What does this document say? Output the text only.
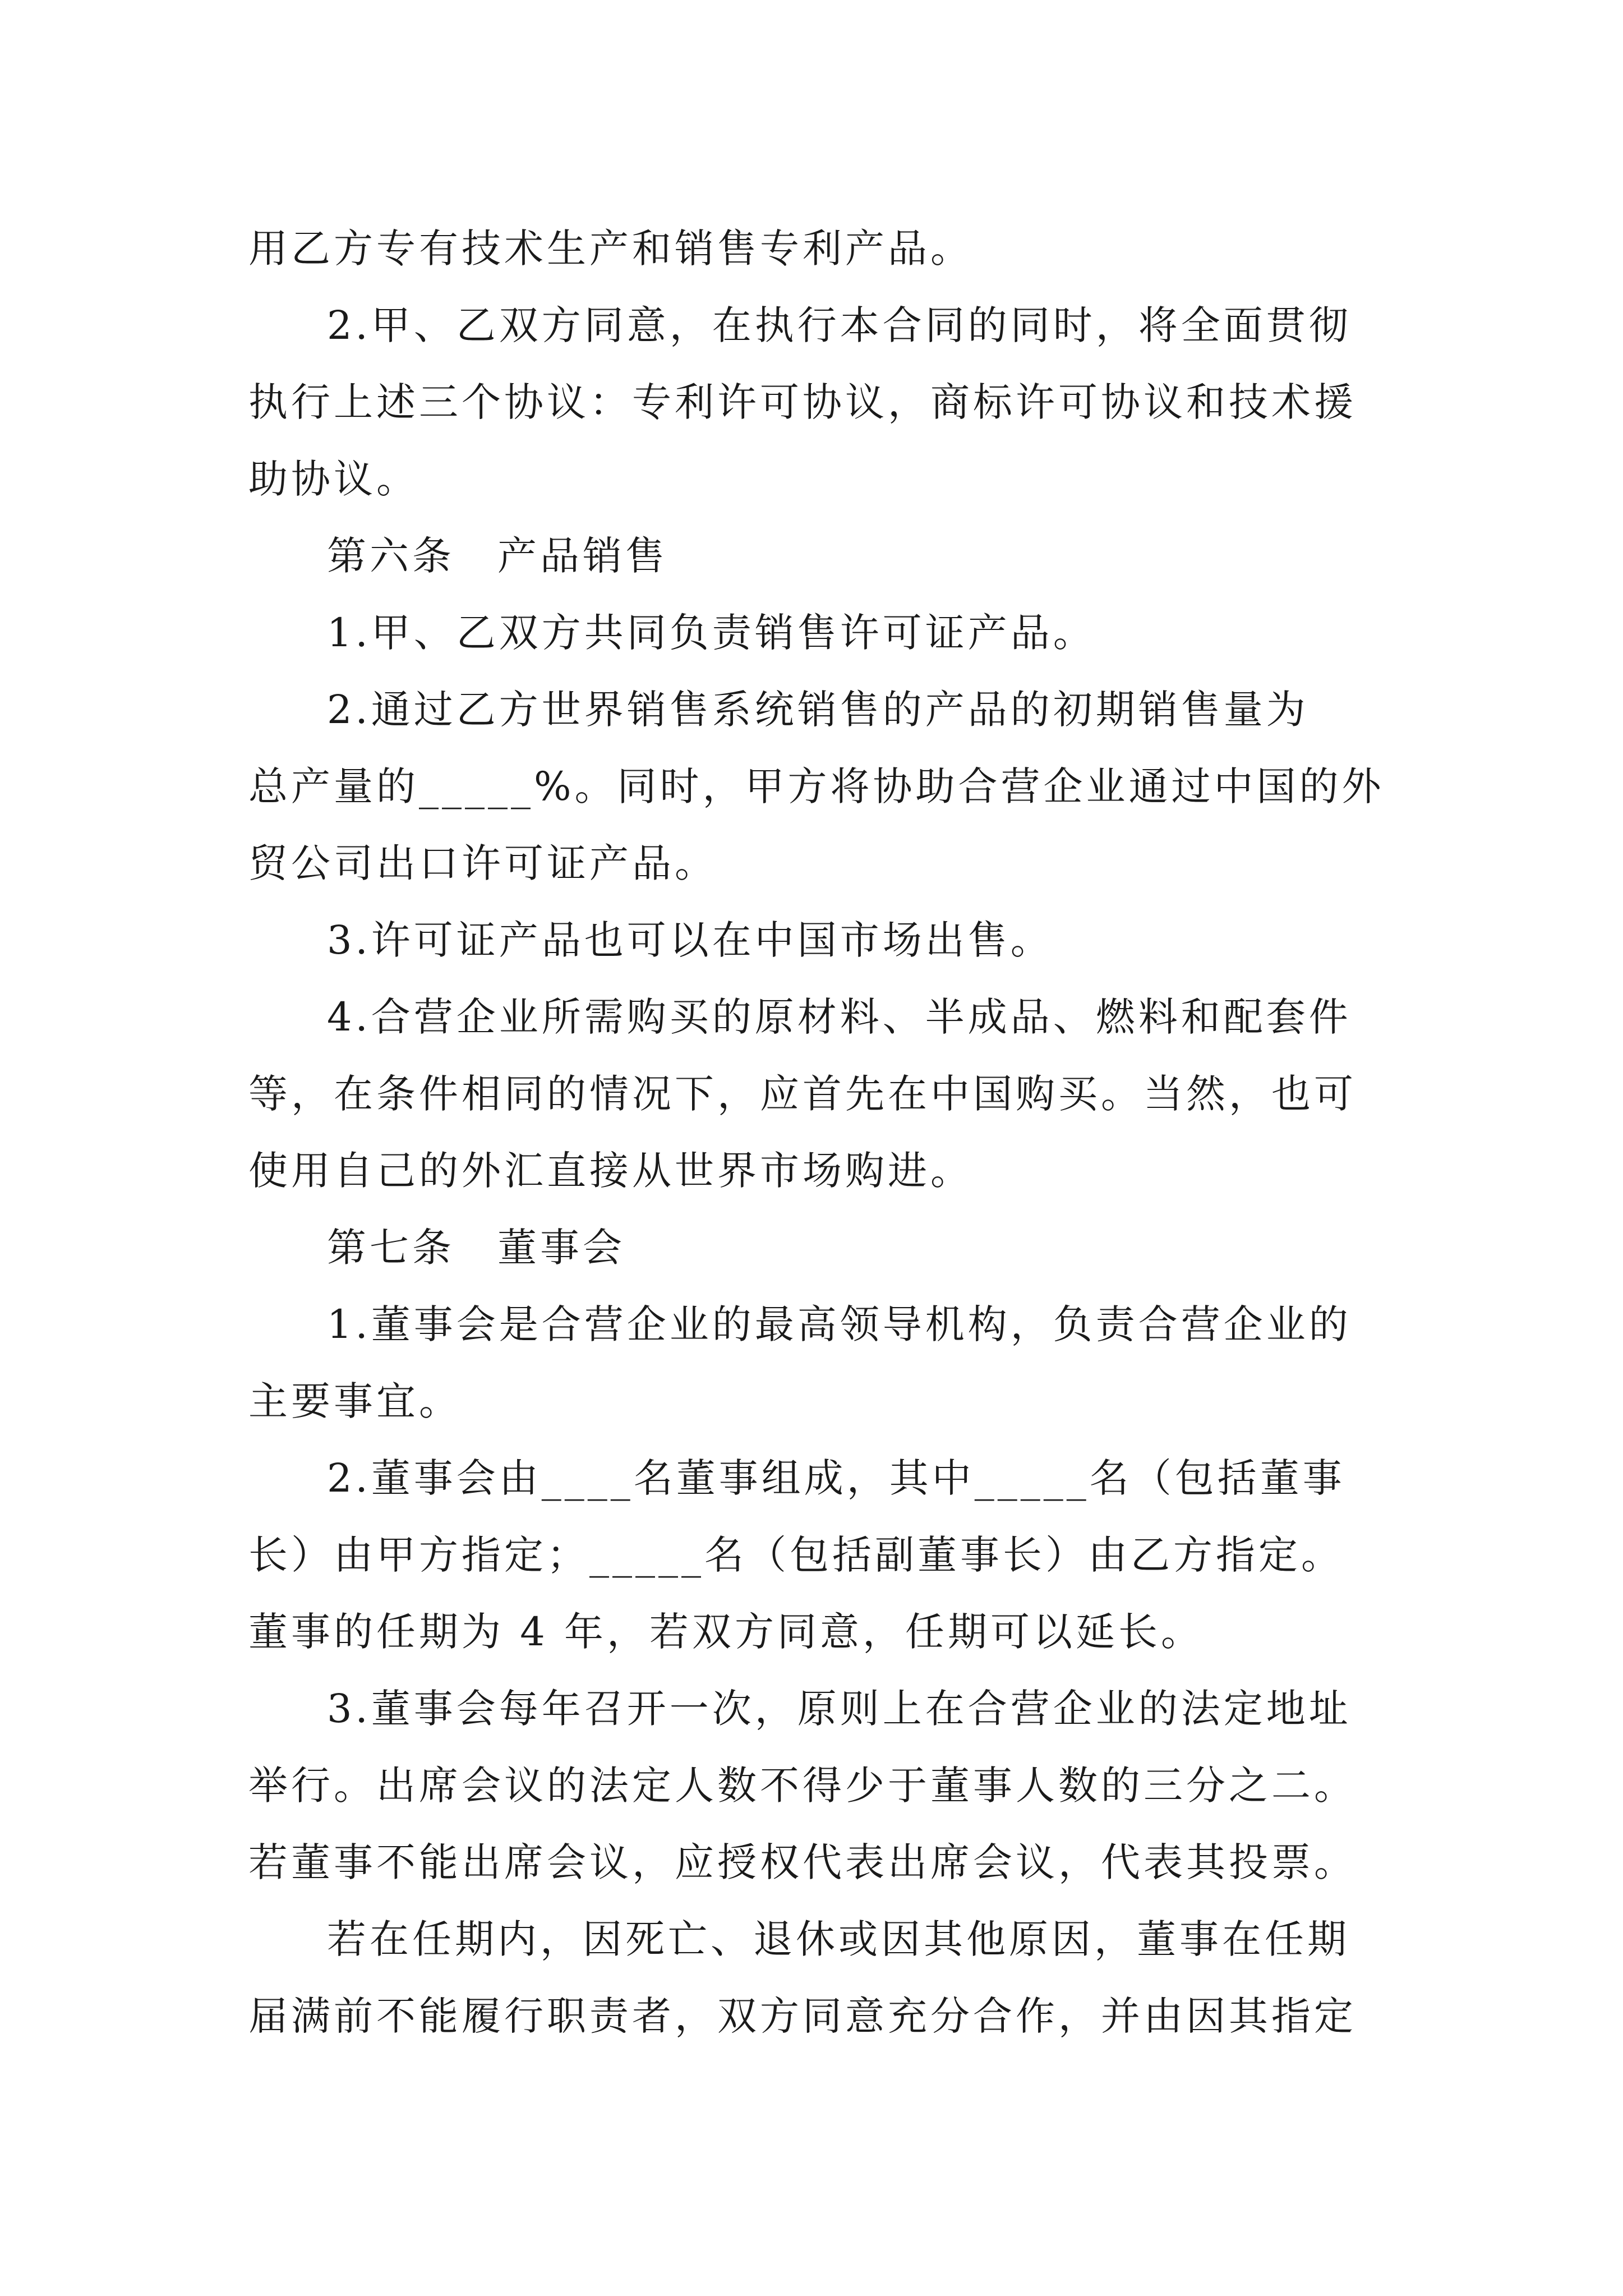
用乙方专有技术生产和销售专利产品。

2.甲、乙双方同意，在执行本合同的同时，将全面贯彻
执行上述三个协议：专利许可协议，商标许可协议和技术援
助协议。

第六条　产品销售

1.甲、乙双方共同负责销售许可证产品。

2.通过乙方世界销售系统销售的产品的初期销售量为
总产量的_____%。同时，甲方将协助合营企业通过中国的外
贸公司出口许可证产品。

3.许可证产品也可以在中国市场出售。

4.合营企业所需购买的原材料、半成品、燃料和配套件
等，在条件相同的情况下，应首先在中国购买。当然，也可
使用自己的外汇直接从世界市场购进。

第七条　董事会

1.董事会是合营企业的最高领导机构，负责合营企业的
主要事宜。

2.董事会由____名董事组成，其中_____名（包括董事
长）由甲方指定；_____名（包括副董事长）由乙方指定。
董事的任期为 4 年，若双方同意，任期可以延长。

3.董事会每年召开一次，原则上在合营企业的法定地址
举行。出席会议的法定人数不得少于董事人数的三分之二。
若董事不能出席会议，应授权代表出席会议，代表其投票。

若在任期内，因死亡、退休或因其他原因，董事在任期
届满前不能履行职责者，双方同意充分合作，并由因其指定
